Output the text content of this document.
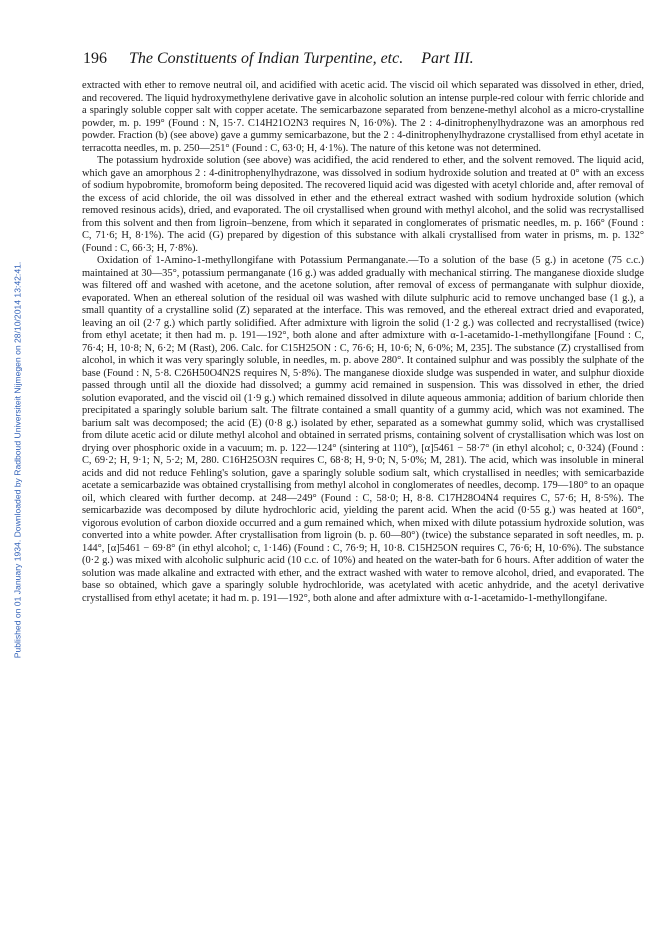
Published on 01 January 1934. Downloaded by Radboud Universiteit Nijmegen on 28/10/2014 13:42:41.
196 The Constituents of Indian Turpentine, etc. Part III.

extracted with ether to remove neutral oil, and acidified with acetic acid. The viscid oil which separated was dissolved in ether, dried, and recovered. The liquid hydroxymethylene derivative gave in alcoholic solution an intense purple-red colour with ferric chloride and a sparingly soluble copper salt with copper acetate. The semicarbazone separated from benzene-methyl alcohol as a micro-crystalline powder, m. p. 199° (Found : N, 15·7. C14H21O2N3 requires N, 16·0%). The 2 : 4-dinitrophenylhydrazone was an amorphous red powder. Fraction (b) (see above) gave a gummy semicarbazone, but the 2 : 4-dinitrophenylhydrazone crystallised from ethyl acetate in terracotta needles, m. p. 250—251° (Found : C, 63·0; H, 4·1%). The nature of this ketone was not determined.

The potassium hydroxide solution (see above) was acidified, the acid rendered to ether, and the solvent removed. The liquid acid, which gave an amorphous 2 : 4-dinitrophenylhydrazone, was dissolved in sodium hydroxide solution and treated at 0° with an excess of sodium hypobromite, bromoform being deposited. The recovered liquid acid was digested with acetyl chloride and, after removal of the excess of acid chloride, the oil was dissolved in ether and the ethereal extract washed with sodium hydroxide solution (which removed resinous acids), dried, and evaporated. The oil crystallised when ground with methyl alcohol, and the solid was recrystallised from this solvent and then from ligroin–benzene, from which it separated in conglomerates of prismatic needles, m. p. 166° (Found : C, 71·6; H, 8·1%). The acid (G) prepared by digestion of this substance with alkali crystallised from water in prisms, m. p. 132° (Found : C, 66·3; H, 7·8%).

Oxidation of 1-Amino-1-methyllongifane with Potassium Permanganate.—To a solution of the base (5 g.) in acetone (75 c.c.) maintained at 30—35°, potassium permanganate (16 g.) was added gradually with mechanical stirring. The manganese dioxide sludge was filtered off and washed with acetone, and the acetone solution, after removal of excess of permanganate with sulphur dioxide, evaporated. When an ethereal solution of the residual oil was washed with dilute sulphuric acid to remove unchanged base (1 g.), a small quantity of a crystalline solid (Z) separated at the interface. This was removed, and the ethereal extract dried and evaporated, leaving an oil (2·7 g.) which partly solidified. After admixture with ligroin the solid (1·2 g.) was collected and recrystallised (twice) from ethyl acetate; it then had m. p. 191—192°, both alone and after admixture with α-1-acetamido-1-methyllongifane [Found : C, 76·4; H, 10·8; N, 6·2; M (Rast), 206. Calc. for C15H25ON : C, 76·6; H, 10·6; N, 6·0%; M, 235]. The substance (Z) crystallised from alcohol, in which it was very sparingly soluble, in needles, m. p. above 280°. It contained sulphur and was possibly the sulphate of the base (Found : N, 5·8. C26H50O4N2S requires N, 5·8%). The manganese dioxide sludge was suspended in water, and sulphur dioxide passed through until all the dioxide had dissolved; a gummy acid remained in suspension. This was dissolved in ether, the dried solution evaporated, and the viscid oil (1·9 g.) which remained dissolved in dilute aqueous ammonia; addition of barium chloride then precipitated a sparingly soluble barium salt. The filtrate contained a small quantity of a gummy acid, which was not examined. The barium salt was decomposed; the acid (E) (0·8 g.) isolated by ether, separated as a somewhat gummy solid, which was crystallised from dilute acetic acid or dilute methyl alcohol and obtained in serrated prisms, containing solvent of crystallisation which was lost on drying over phosphoric oxide in a vacuum; m. p. 122—124° (sintering at 110°), [α]5461 − 58·7° (in ethyl alcohol; c, 0·324) (Found : C, 69·2; H, 9·1; N, 5·2; M, 280. C16H25O3N requires C, 68·8; H, 9·0; N, 5·0%; M, 281). The acid, which was insoluble in mineral acids and did not reduce Fehling's solution, gave a sparingly soluble sodium salt, which crystallised in needles; with semicarbazide acetate a semicarbazide was obtained crystallising from methyl alcohol in conglomerates of needles, decomp. 179—180° to an opaque oil, which cleared with further decomp. at 248—249° (Found : C, 58·0; H, 8·8. C17H28O4N4 requires C, 57·6; H, 8·5%). The semicarbazide was decomposed by dilute hydrochloric acid, yielding the parent acid. When the acid (0·55 g.) was heated at 160°, vigorous evolution of carbon dioxide occurred and a gum remained which, when mixed with dilute potassium hydroxide solution, was converted into a white powder. After crystallisation from ligroin (b. p. 60—80°) (twice) the substance separated in soft needles, m. p. 144°, [α]5461 − 69·8° (in ethyl alcohol; c, 1·146) (Found : C, 76·9; H, 10·8. C15H25ON requires C, 76·6; H, 10·6%). The substance (0·2 g.) was mixed with alcoholic sulphuric acid (10 c.c. of 10%) and heated on the water-bath for 6 hours. After addition of water the solution was made alkaline and extracted with ether, and the extract washed with water to remove alcohol, dried, and evaporated. The base so obtained, which gave a sparingly soluble hydrochloride, was acetylated with acetic anhydride, and the acetyl derivative crystallised from ethyl acetate; it had m. p. 191—192°, both alone and after admixture with α-1-acetamido-1-methyllongifane.
